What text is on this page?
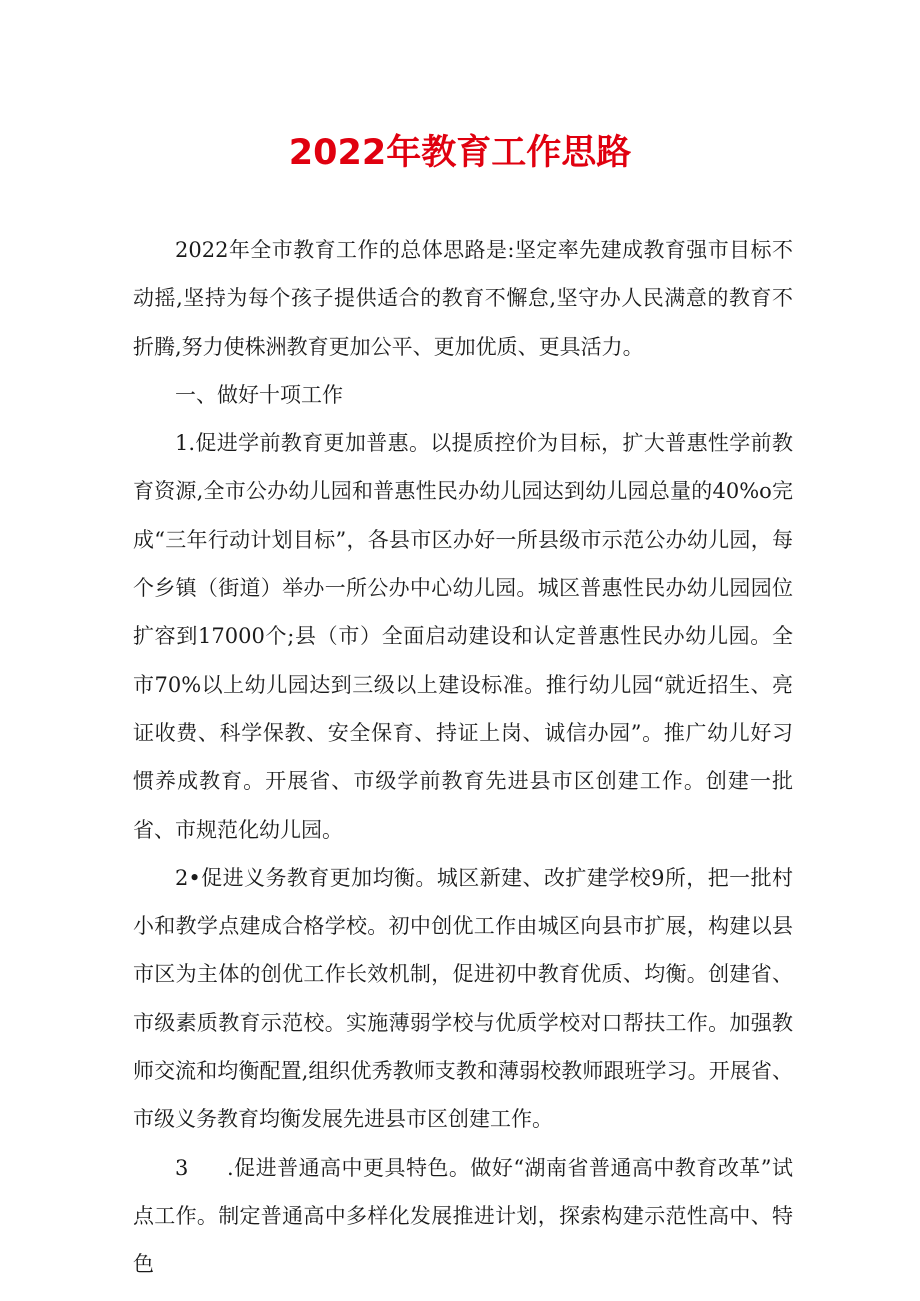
2022年教育工作思路

2022年全市教育工作的总体思路是:坚定率先建成教育强市目标不动摇,坚持为每个孩子提供适合的教育不懈怠,坚守办人民满意的教育不折腾,努力使株洲教育更加公平、更加优质、更具活力。

一、做好十项工作

1.促进学前教育更加普惠。以提质控价为目标，扩大普惠性学前教育资源,全市公办幼儿园和普惠性民办幼儿园达到幼儿园总量的40%o完成“三年行动计划目标”，各县市区办好一所县级市示范公办幼儿园，每个乡镇（街道）举办一所公办中心幼儿园。城区普惠性民办幼儿园园位扩容到17000个;县（市）全面启动建设和认定普惠性民办幼儿园。全市70%以上幼儿园达到三级以上建设标准。推行幼儿园“就近招生、亮证收费、科学保教、安全保育、持证上岗、诚信办园”。推广幼儿好习惯养成教育。开展省、市级学前教育先进县市区创建工作。创建一批省、市规范化幼儿园。

2•促进义务教育更加均衡。城区新建、改扩建学校9所，把一批村小和教学点建成合格学校。初中创优工作由城区向县市扩展，构建以县市区为主体的创优工作长效机制，促进初中教育优质、均衡。创建省、市级素质教育示范校。实施薄弱学校与优质学校对口帮扶工作。加强教师交流和均衡配置,组织优秀教师支教和薄弱校教师跟班学习。开展省、市级义务教育均衡发展先进县市区创建工作。

3 .促进普通高中更具特色。做好“湖南省普通高中教育改革”试点工作。制定普通高中多样化发展推进计划，探索构建示范性高中、特色
